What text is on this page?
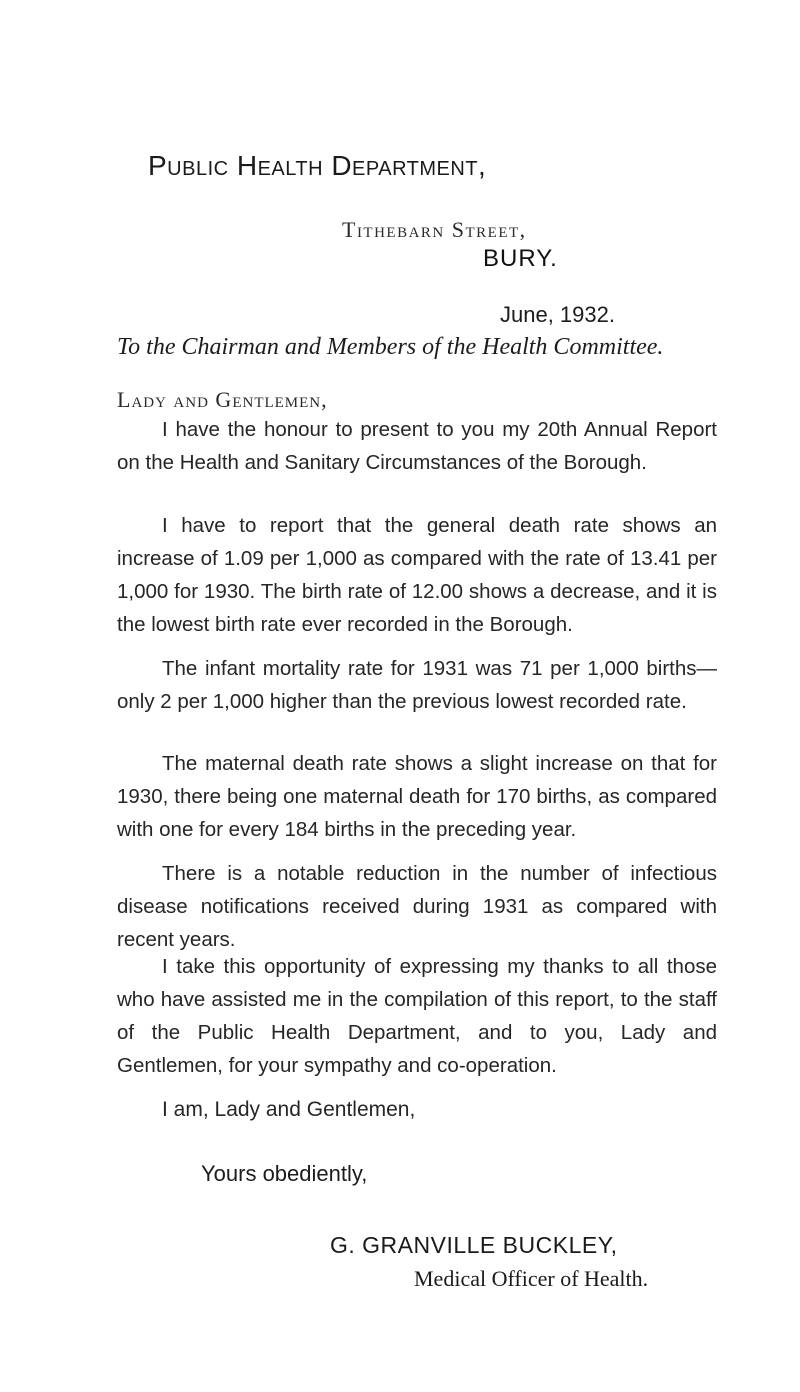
Public Health Department,
Tithebarn Street,
BURY.
June, 1932.
To the Chairman and Members of the Health Committee.
Lady and Gentlemen,

I have the honour to present to you my 20th Annual Report on the Health and Sanitary Circumstances of the Borough.

I have to report that the general death rate shows an increase of 1.09 per 1,000 as compared with the rate of 13.41 per 1,000 for 1930. The birth rate of 12.00 shows a decrease, and it is the lowest birth rate ever recorded in the Borough.

The infant mortality rate for 1931 was 71 per 1,000 births— only 2 per 1,000 higher than the previous lowest recorded rate.

The maternal death rate shows a slight increase on that for 1930, there being one maternal death for 170 births, as compared with one for every 184 births in the preceding year.

There is a notable reduction in the number of infectious disease notifications received during 1931 as compared with recent years.

I take this opportunity of expressing my thanks to all those who have assisted me in the compilation of this report, to the staff of the Public Health Department, and to you, Lady and Gentlemen, for your sympathy and co-operation.

I am, Lady and Gentlemen,
Yours obediently,
G. GRANVILLE BUCKLEY,
Medical Officer of Health.
